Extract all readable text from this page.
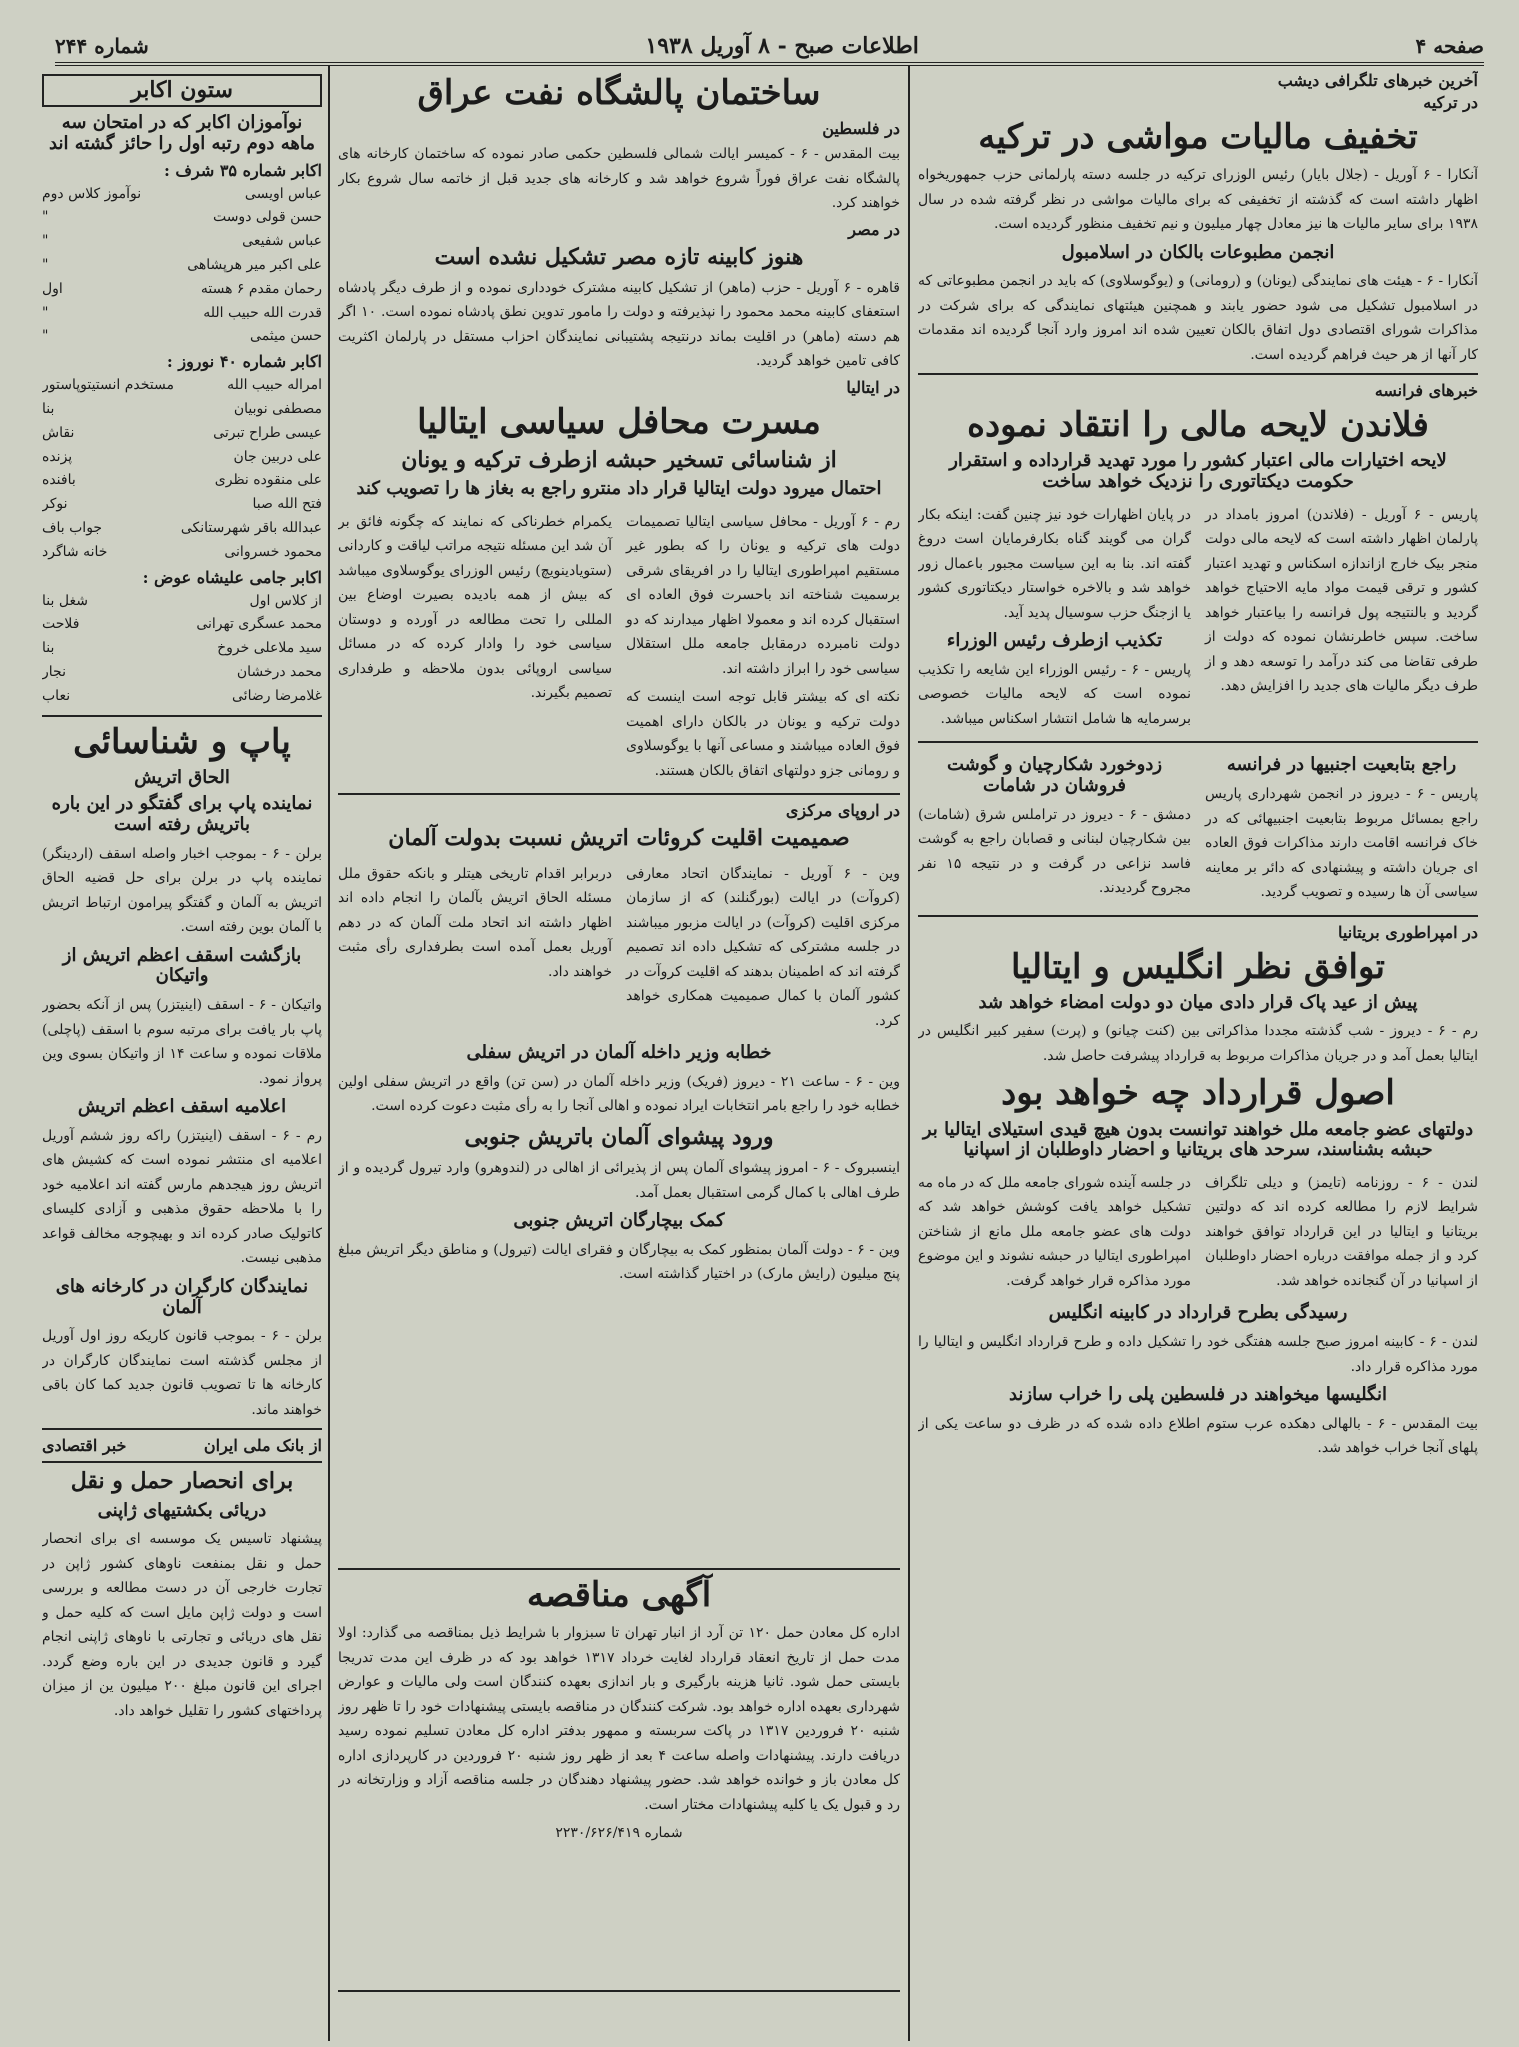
صفحه ۴
اطلاعات صبح - ۸ آوریل ۱۹۳۸
شماره ۲۴۴
آخرین خبرهای تلگرافی دیشب
در ترکیه
تخفیف مالیات مواشی در ترکیه
آنکارا - ۶ آوریل - (جلال بایار) رئیس الوزرای ترکیه در جلسه دسته پارلمانی حزب جمهوریخواه اظهار داشته است که گذشته از تخفیفی که برای مالیات مواشی در نظر گرفته شده در سال ۱۹۳۸ برای سایر مالیات ها نیز معادل چهار میلیون و نیم تخفیف منظور گردیده است.
انجمن مطبوعات بالکان در اسلامبول
آنکارا - ۶ - هیئت های نمایندگی (یونان) و (رومانی) و (یوگوسلاوی) که باید در انجمن مطبوعاتی که در اسلامبول تشکیل می شود حضور یابند و همچنین هیئتهای نمایندگی که برای شرکت در مذاکرات شورای اقتصادی دول اتفاق بالکان تعیین شده اند امروز وارد آنجا گردیده اند مقدمات کار آنها از هر حیث فراهم گردیده است.
خبرهای فرانسه
فلاندن لایحه مالی را انتقاد نموده
لایحه اختیارات مالی اعتبار کشور را مورد تهدید قرارداده و استقرار حکومت دیکتاتوری را نزدیک خواهد ساخت
پاریس - ۶ آوریل - (فلاندن) امروز بامداد در پارلمان اظهار داشته است که لایحه مالی دولت منجر بیک خارج ازاندازه اسکناس و تهدید اعتبار کشور و ترقی قیمت مواد مایه الاحتیاج خواهد گردید و بالنتیجه پول فرانسه را بیاعتبار خواهد ساخت. سپس خاطرنشان نموده که دولت از طرفی تقاضا می کند درآمد را توسعه دهد و از طرف دیگر مالیات های جدید را افزایش دهد.
در پایان اظهارات خود نیز چنین گفت: اینکه بکار گران می گویند گناه بکارفرمایان است دروغ گفته اند. بنا به این سیاست مجبور باعمال زور خواهد شد و بالاخره خواستار دیکتاتوری کشور یا ازجنگ حزب سوسیال پدید آید.
تکذیب ازطرف رئیس الوزراء
پاریس - ۶ - رئیس الوزراء این شایعه را تکذیب نموده است که لایحه مالیات خصوصی برسرمایه ها شامل انتشار اسکناس میباشد.
راجع بتابعیت اجنبیها در فرانسه
پاریس - ۶ - دیروز در انجمن شهرداری پاریس راجع بمسائل مربوط بتابعیت اجنبیهائی که در خاک فرانسه اقامت دارند مذاکرات فوق العاده ای جریان داشته و پیشنهادی که دائر بر معاینه سیاسی آن ها رسیده و تصویب گردید.
زدوخورد شکارچیان و گوشت فروشان در شامات
دمشق - ۶ - دیروز در تراملس شرق (شامات) بین شکارچیان لبنانی و قصابان راجع به گوشت فاسد نزاعی در گرفت و در نتیجه ۱۵ نفر مجروح گردیدند.
در امپراطوری بریتانیا
توافق نظر انگلیس و ایتالیا
پیش از عید پاک قرار دادی میان دو دولت امضاء خواهد شد
رم - ۶ - دیروز - شب گذشته مجددا مذاکراتی بین (کنت چیانو) و (پرت) سفیر کبیر انگلیس در ایتالیا بعمل آمد و در جریان مذاکرات مربوط به قرارداد پیشرفت حاصل شد.
اصول قرارداد چه خواهد بود
دولتهای عضو جامعه ملل خواهند توانست بدون هیچ قیدی استیلای ایتالیا بر حبشه بشناسند، سرحد های بریتانیا و احضار داوطلبان از اسپانیا
لندن - ۶ - روزنامه (تایمز) و دیلی تلگراف شرایط لازم را مطالعه کرده اند که دولتین بریتانیا و ایتالیا در این قرارداد توافق خواهند کرد و از جمله موافقت درباره احضار داوطلبان از اسپانیا در آن گنجانده خواهد شد.
در جلسه آینده شورای جامعه ملل که در ماه مه تشکیل خواهد یافت کوشش خواهد شد که دولت های عضو جامعه ملل مانع از شناختن امپراطوری ایتالیا در حبشه نشوند و این موضوع مورد مذاکره قرار خواهد گرفت.
رسیدگی بطرح قرارداد در کابینه انگلیس
لندن - ۶ - کابینه امروز صبح جلسه هفتگی خود را تشکیل داده و طرح قرارداد انگلیس و ایتالیا را مورد مذاکره قرار داد.
انگلیسها میخواهند در فلسطین پلی را خراب سازند
بیت المقدس - ۶ - بالهالی دهکده عرب ستوم اطلاع داده شده که در ظرف دو ساعت یکی از پلهای آنجا خراب خواهد شد.
ساختمان پالشگاه نفت عراق
در فلسطین
بیت المقدس - ۶ - کمیسر ایالت شمالی فلسطین حکمی صادر نموده که ساختمان کارخانه های پالشگاه نفت عراق فوراً شروع خواهد شد و کارخانه های جدید قبل از خاتمه سال شروع بکار خواهند کرد.
در مصر
هنوز کابینه تازه مصر تشکیل نشده است
قاهره - ۶ آوریل - حزب (ماهر) از تشکیل کابینه مشترک خودداری نموده و از طرف دیگر پادشاه استعفای کابینه محمد محمود را نپذیرفته و دولت را مامور تدوین نطق پادشاه نموده است. ۱۰ اگر هم دسته (ماهر) در اقلیت بماند درنتیجه پشتیبانی نمایندگان احزاب مستقل در پارلمان اکثریت کافی تامین خواهد گردید.
در ایتالیا
مسرت محافل سیاسی ایتالیا
از شناسائی تسخیر حبشه ازطرف ترکیه و یونان
احتمال میرود دولت ایتالیا قرار داد منترو راجع به بغاز ها را تصویب کند
رم - ۶ آوریل - محافل سیاسی ایتالیا تصمیمات دولت های ترکیه و یونان را که بطور غیر مستقیم امپراطوری ایتالیا را در افریقای شرقی برسمیت شناخته اند باحسرت فوق العاده ای استقبال کرده اند و معمولا اظهار میدارند که دو دولت نامبرده درمقابل جامعه ملل استقلال سیاسی خود را ابراز داشته اند.
نکته ای که بیشتر قابل توجه است اینست که دولت ترکیه و یونان در بالکان دارای اهمیت فوق العاده میباشند و مساعی آنها با یوگوسلاوی و رومانی جزو دولتهای اتفاق بالکان هستند.
یکمرام خطرناکی که نمایند که چگونه فائق بر آن شد این مسئله نتیجه مراتب لیاقت و کاردانی (ستویادینویچ) رئیس الوزرای یوگوسلاوی میباشد که بیش از همه بادیده بصیرت اوضاع بین المللی را تحت مطالعه در آورده و دوستان سیاسی خود را وادار کرده که در مسائل سیاسی اروپائی بدون ملاحظه و طرفداری تصمیم بگیرند.
در اروپای مرکزی
صمیمیت اقلیت کروئات اتریش نسبت بدولت آلمان
وین - ۶ آوریل - نمایندگان اتحاد معارفی (کروآت) در ایالت (بورگنلند) که از سازمان مرکزی اقلیت (کروآت) در ایالت مزبور میباشند در جلسه مشترکی که تشکیل داده اند تصمیم گرفته اند که اطمینان بدهند که اقلیت کروآت در کشور آلمان با کمال صمیمیت همکاری خواهد کرد.
دربرابر اقدام تاریخی هیتلر و بانکه حقوق ملل مسئله الحاق اتریش بآلمان را انجام داده اند اظهار داشته اند اتحاد ملت آلمان که در دهم آوریل بعمل آمده است بطرفداری رأی مثبت خواهند داد.
خطابه وزیر داخله آلمان در اتریش سفلی
وین - ۶ - ساعت ۲۱ - دیروز (فریک) وزیر داخله آلمان در (سن تن) واقع در اتریش سفلی اولین خطابه خود را راجع بامر انتخابات ایراد نموده و اهالی آنجا را به رأی مثبت دعوت کرده است.
ورود پیشوای آلمان باتریش جنوبی
اینسبروک - ۶ - امروز پیشوای آلمان پس از پذیرائی از اهالی در (لندوهرو) وارد تیرول گردیده و از طرف اهالی با کمال گرمی استقبال بعمل آمد.
کمک بیچارگان اتریش جنوبی
وین - ۶ - دولت آلمان بمنظور کمک به بیچارگان و فقرای ایالت (تیرول) و مناطق دیگر اتریش مبلغ پنج میلیون (رایش مارک) در اختیار گذاشته است.
آگهی مناقصه
اداره کل معادن حمل ۱۲۰ تن آرد از انبار تهران تا سبزوار با شرایط ذیل بمناقصه می گذارد: اولا مدت حمل از تاریخ انعقاد قرارداد لغایت خرداد ۱۳۱۷ خواهد بود که در ظرف این مدت تدریجا بایستی حمل شود. ثانیا هزینه بارگیری و بار اندازی بعهده کنندگان است ولی مالیات و عوارض شهرداری بعهده اداره خواهد بود. شرکت کنندگان در مناقصه بایستی پیشنهادات خود را تا ظهر روز شنبه ۲۰ فروردین ۱۳۱۷ در پاکت سربسته و ممهور بدفتر اداره کل معادن تسلیم نموده رسید دریافت دارند. پیشنهادات واصله ساعت ۴ بعد از ظهر روز شنبه ۲۰ فروردین در کارپردازی اداره کل معادن باز و خوانده خواهد شد. حضور پیشنهاد دهندگان در جلسه مناقصه آزاد و وزارتخانه در رد و قبول یک یا کلیه پیشنهادات مختار است.
شماره ۲۲۳۰/۶۲۶/۴۱۹
ستون اکابر
نوآموزان اکابر که در امتحان سه ماهه دوم رتبه اول را حائز گشته اند
اکابر شماره ۳۵ شرف :
عباس اویسی
نوآموز کلاس دوم
حسن قولی دوست
"
عباس شفیعی
"
علی اکبر میر هرپشاهی
"
رحمان مقدم ۶ هسته
اول
قدرت الله حبیب الله
"
حسن میثمی
"
اکابر شماره ۴۰ نوروز :
امراله حبیب الله
مستخدم انستیتوپاستور
مصطفی نوبیان
بنا
عیسی طراح تبرتی
نقاش
علی دربین جان
پزنده
علی منقوده نظری
بافنده
فتح الله صبا
نوکر
عبدالله باقر شهرستانکی
جواب باف
محمود خسروانی
خانه شاگرد
اکابر جامی علیشاه عوض :
از کلاس اول
شغل بنا
محمد عسگری تهرانی
فلاحت
سید ملاعلی خروخ
بنا
محمد درخشان
نجار
غلامرضا رضائی
نعاب
پاپ و شناسائی
الحاق اتریش
نماینده پاپ برای گفتگو در این باره باتریش رفته است
برلن - ۶ - بموجب اخبار واصله اسقف (اردینگر) نماینده پاپ در برلن برای حل قضیه الحاق اتریش به آلمان و گفتگو پیرامون ارتباط اتریش با آلمان بوین رفته است.
بازگشت اسقف اعظم اتریش از واتیکان
واتیکان - ۶ - اسقف (اینیتزر) پس از آنکه بحضور پاپ بار یافت برای مرتبه سوم با اسقف (پاچلی) ملاقات نموده و ساعت ۱۴ از واتیکان بسوی وین پرواز نمود.
اعلامیه اسقف اعظم اتریش
رم - ۶ - اسقف (اینیتزر) راکه روز ششم آوریل اعلامیه ای منتشر نموده است که کشیش های اتریش روز هیجدهم مارس گفته اند اعلامیه خود را با ملاحظه حقوق مذهبی و آزادی کلیسای کاتولیک صادر کرده اند و بهیچوجه مخالف قواعد مذهبی نیست.
نمایندگان کارگران در کارخانه های آلمان
برلن - ۶ - بموجب قانون کاریکه روز اول آوریل از مجلس گذشته است نمایندگان کارگران در کارخانه ها تا تصویب قانون جدید کما کان باقی خواهند ماند.
از بانک ملی ایران
خبر اقتصادی
برای انحصار حمل و نقل
دریائی بکشتیهای ژاپنی
پیشنهاد تاسیس یک موسسه ای برای انحصار حمل و نقل بمنفعت ناوهای کشور ژاپن در تجارت خارجی آن در دست مطالعه و بررسی است و دولت ژاپن مایل است که کلیه حمل و نقل های دریائی و تجارتی با ناوهای ژاپنی انجام گیرد و قانون جدیدی در این باره وضع گردد. اجرای این قانون مبلغ ۲۰۰ میلیون ین از میزان پرداختهای کشور را تقلیل خواهد داد.
